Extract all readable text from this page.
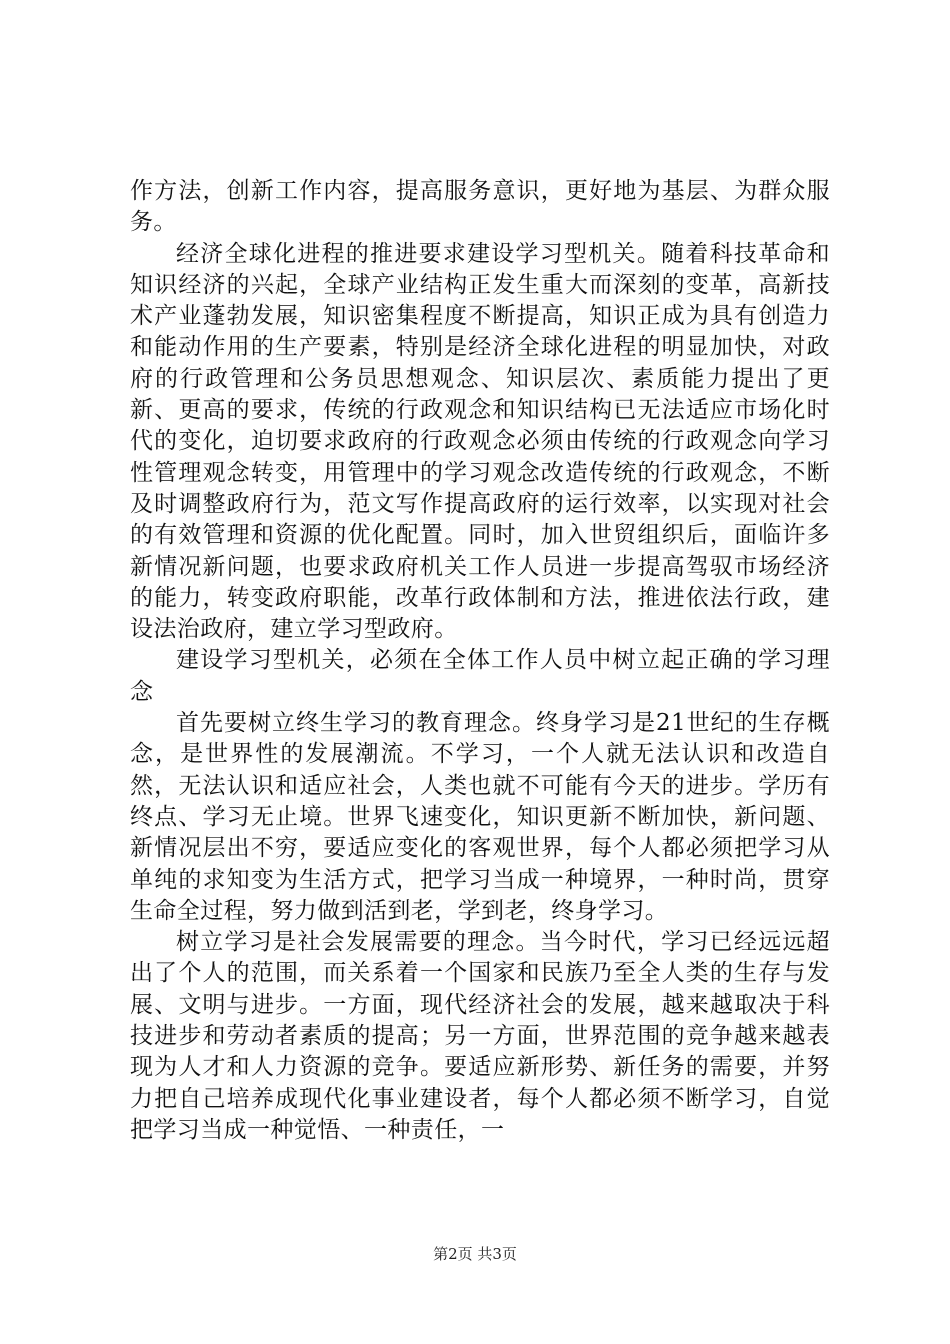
作方法，创新工作内容，提高服务意识，更好地为基层、为群众服务。

经济全球化进程的推进要求建设学习型机关。随着科技革命和知识经济的兴起，全球产业结构正发生重大而深刻的变革，高新技术产业蓬勃发展，知识密集程度不断提高，知识正成为具有创造力和能动作用的生产要素，特别是经济全球化进程的明显加快，对政府的行政管理和公务员思想观念、知识层次、素质能力提出了更新、更高的要求，传统的行政观念和知识结构已无法适应市场化时代的变化，迫切要求政府的行政观念必须由传统的行政观念向学习性管理观念转变，用管理中的学习观念改造传统的行政观念，不断及时调整政府行为，范文写作提高政府的运行效率，以实现对社会的有效管理和资源的优化配置。同时，加入世贸组织后，面临许多新情况新问题，也要求政府机关工作人员进一步提高驾驭市场经济的能力，转变政府职能，改革行政体制和方法，推进依法行政，建设法治政府，建立学习型政府。

建设学习型机关，必须在全体工作人员中树立起正确的学习理念

首先要树立终生学习的教育理念。终身学习是21世纪的生存概念，是世界性的发展潮流。不学习，一个人就无法认识和改造自然，无法认识和适应社会，人类也就不可能有今天的进步。学历有终点、学习无止境。世界飞速变化，知识更新不断加快，新问题、新情况层出不穷，要适应变化的客观世界，每个人都必须把学习从单纯的求知变为生活方式，把学习当成一种境界，一种时尚，贯穿生命全过程，努力做到活到老，学到老，终身学习。

树立学习是社会发展需要的理念。当今时代，学习已经远远超出了个人的范围，而关系着一个国家和民族乃至全人类的生存与发展、文明与进步。一方面，现代经济社会的发展，越来越取决于科技进步和劳动者素质的提高；另一方面，世界范围的竞争越来越表现为人才和人力资源的竞争。要适应新形势、新任务的需要，并努力把自己培养成现代化事业建设者，每个人都必须不断学习，自觉把学习当成一种觉悟、一种责任，一

第2页 共3页
